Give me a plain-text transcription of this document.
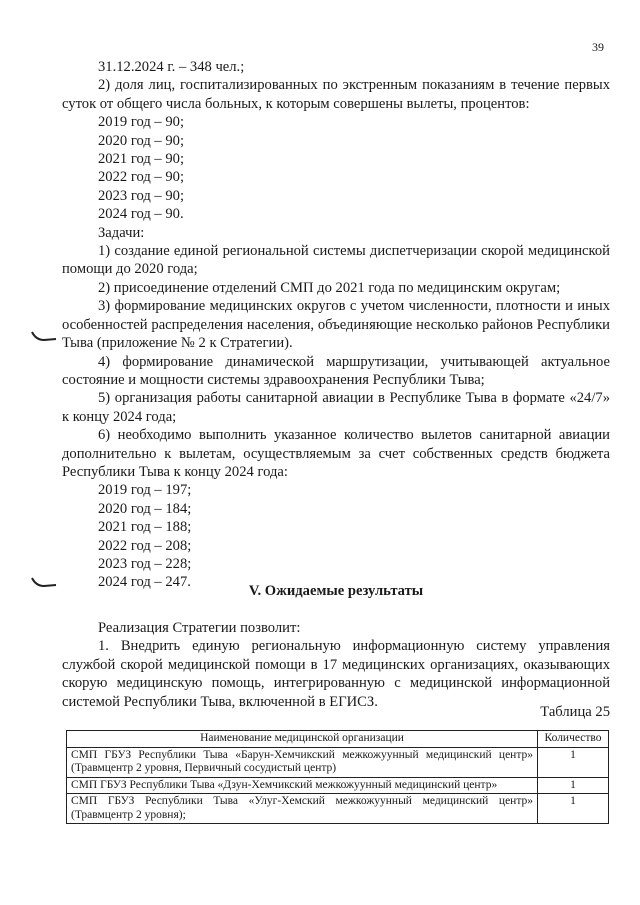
39

31.12.2024 г. – 348 чел.;

2) доля лиц, госпитализированных по экстренным показаниям в течение первых суток от общего числа больных, к которым совершены вылеты, процентов:

2019 год – 90;

2020 год – 90;

2021 год – 90;

2022 год – 90;

2023 год – 90;

2024 год – 90.

Задачи:

1) создание единой региональной системы диспетчеризации скорой медицинской помощи до 2020 года;

2) присоединение отделений СМП до 2021 года по медицинским округам;

3) формирование медицинских округов с учетом численности, плотности и иных особенностей распределения населения, объединяющие несколько районов Республики Тыва (приложение № 2 к Стратегии).

4) формирование динамической маршрутизации, учитывающей актуальное состояние и мощности системы здравоохранения Республики Тыва;

5) организация работы санитарной авиации в Республике Тыва в формате «24/7» к концу 2024 года;

6) необходимо выполнить указанное количество вылетов санитарной авиации дополнительно к вылетам, осуществляемым за счет собственных средств бюджета Республики Тыва к концу 2024 года:

2019 год – 197;

2020 год – 184;

2021 год – 188;

2022 год – 208;

2023 год – 228;

2024 год – 247.

V. Ожидаемые результаты

Реализация Стратегии позволит:

1. Внедрить единую региональную информационную систему управления службой скорой медицинской помощи в 17 медицинских организациях, оказывающих скорую медицинскую помощь, интегрированную с медицинской информационной системой Республики Тыва, включенной в ЕГИСЗ.

Таблица 25
Наименование медицинской организации	Количество
СМП ГБУЗ Республики Тыва «Барун-Хемчикский межкожуунный медицинский центр» (Травмцентр 2 уровня, Первичный сосудистый центр)	1
СМП ГБУЗ Республики Тыва «Дзун-Хемчикский межкожуунный медицинский центр»	1
СМП ГБУЗ Республики Тыва «Улуг-Хемский межкожуунный медицинский центр» (Травмцентр 2 уровня);	1
